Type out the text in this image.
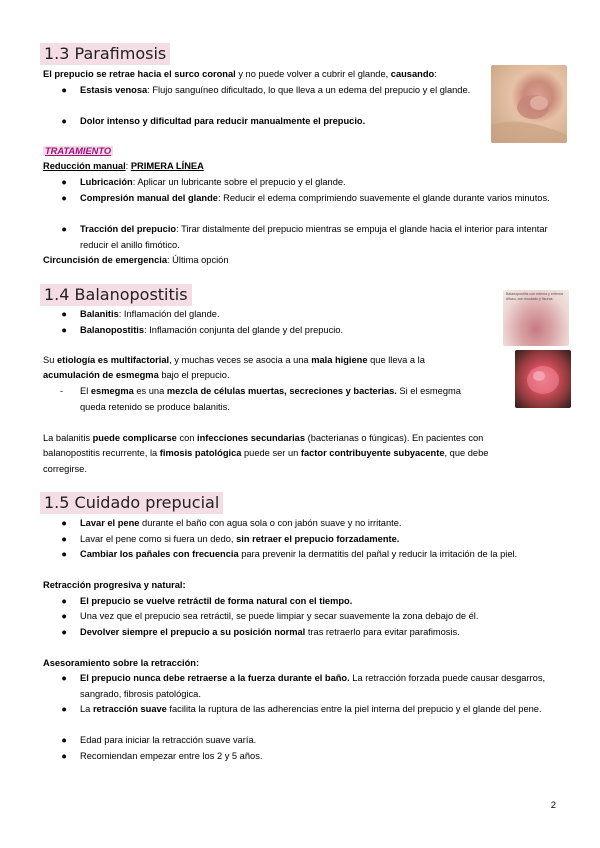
1.3 Parafimosis
El prepucio se retrae hacia el surco coronal y no puede volver a cubrir el glande, causando:
● Estasis venosa: Flujo sanguíneo dificultado, lo que lleva a un edema del prepucio y el glande.
● Dolor intenso y dificultad para reducir manualmente el prepucio.
TRATAMIENTO
Reducción manual: PRIMERA LÍNEA
● Lubricación: Aplicar un lubricante sobre el prepucio y el glande.
● Compresión manual del glande: Reducir el edema comprimiendo suavemente el glande durante varios minutos.
● Tracción del prepucio: Tirar distalmente del prepucio mientras se empuja el glande hacia el interior para intentar reducir el anillo fimótico.
Circuncisión de emergencia: Última opción
1.4 Balanopostitis	Balanopostitis con edema y eritema difuso, con exudado y fisuras
● Balanitis: Inflamación del glande.
● Balanopostitis: Inflamación conjunta del glande y del prepucio.
Su etiología es multifactorial, y muchas veces se asocia a una mala higiene que lleva a la
acumulación de esmegma bajo el prepucio.
- El esmegma es una mezcla de células muertas, secreciones y bacterias. Si el esmegma
queda retenido se produce balanitis.
La balanitis puede complicarse con infecciones secundarias (bacterianas o fúngicas). En pacientes con
balanopostitis recurrente, la fimosis patológica puede ser un factor contribuyente subyacente, que debe
corregirse.
1.5 Cuidado prepucial
● Lavar el pene durante el baño con agua sola o con jabón suave y no irritante.
● Lavar el pene como si fuera un dedo, sin retraer el prepucio forzadamente.
● Cambiar los pañales con frecuencia para prevenir la dermatitis del pañal y reducir la irritación de la piel.
Retracción progresiva y natural:
● El prepucio se vuelve retráctil de forma natural con el tiempo.
● Una vez que el prepucio sea retráctil, se puede limpiar y secar suavemente la zona debajo de él.
● Devolver siempre el prepucio a su posición normal tras retraerlo para evitar parafimosis.
Asesoramiento sobre la retracción:
● El prepucio nunca debe retraerse a la fuerza durante el baño. La retracción forzada puede causar desgarros, sangrado, fibrosis patológica.
● La retracción suave facilita la ruptura de las adherencias entre la piel interna del prepucio y el glande del pene.
● Edad para iniciar la retracción suave varía.
● Recomiendan empezar entre los 2 y 5 años.
2
